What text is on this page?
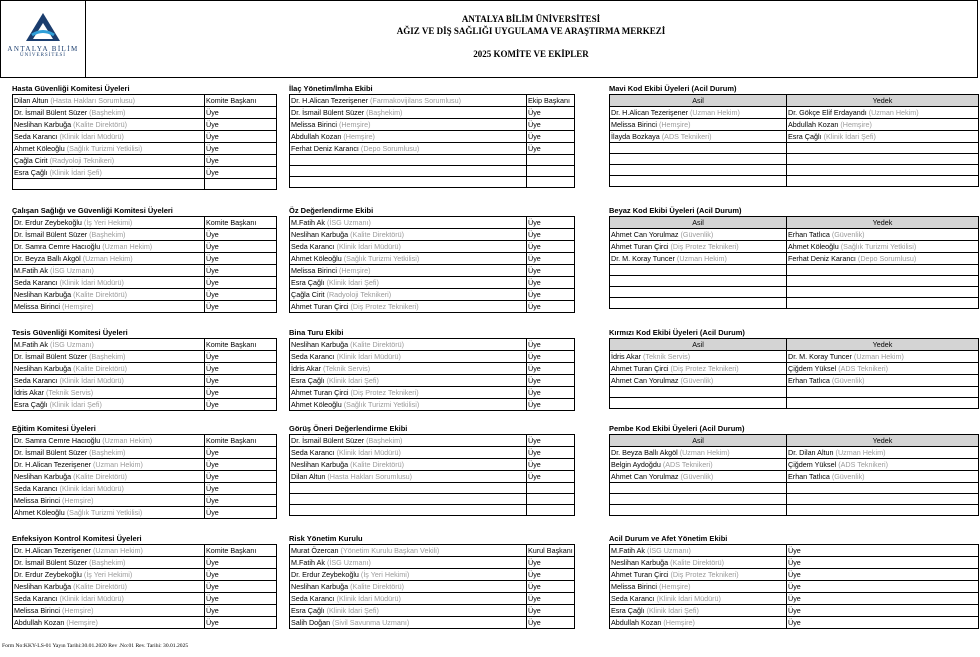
ANTALYA BİLİM
ÜNİVERSİTESİ
ANTALYA BİLİM ÜNİVERSİTESİ
AĞIZ VE DİŞ SAĞLIĞI UYGULAMA VE ARAŞTIRMA MERKEZİ
2025 KOMİTE VE EKİPLER
Hasta Güvenliği Komitesi Üyeleri
Dilan Altun (Hasta Hakları Sorumlusu)	Komite Başkanı
Dr. İsmail Bülent Süzer (Başhekim)	Üye
Neslihan Karbuğa (Kalite Direktörü)	Üye
Seda Karancı (Klinik İdari Müdürü)	Üye
Ahmet Köleoğlu (Sağlık Turizmi Yetkilisi)	Üye
Çağla Cirit (Radyoloji Teknikeri)	Üye
Esra Çağlı (Klinik İdari Şefi)	Üye

Çalışan Sağlığı ve Güvenliği Komitesi Üyeleri
Dr. Erdur Zeybekoğlu (İş Yeri Hekimi)	Komite Başkanı
Dr. İsmail Bülent Süzer (Başhekim)	Üye
Dr. Samra Cemre Hacıoğlu (Uzman Hekim)	Üye
Dr. Beyza Ballı Akgöl (Uzman Hekim)	Üye
M.Fatih Ak (İSG Uzmanı)	Üye
Seda Karancı (Klinik İdari Müdürü)	Üye
Neslihan Karbuğa (Kalite Direktörü)	Üye
Melissa Birinci (Hemşire)	Üye
Tesis Güvenliği Komitesi Üyeleri
M.Fatih Ak (İSG Uzmanı)	Komite Başkanı
Dr. İsmail Bülent Süzer (Başhekim)	Üye
Neslihan Karbuğa (Kalite Direktörü)	Üye
Seda Karancı (Klinik İdari Müdürü)	Üye
İdris Akar (Teknik Servis)	Üye
Esra Çağlı (Klinik İdari Şefi)	Üye
Eğitim Komitesi Üyeleri
Dr. Samra Cemre Hacıoğlu (Uzman Hekim)	Komite Başkanı
Dr. İsmail Bülent Süzer (Başhekim)	Üye
Dr. H.Alican Tezerişener (Uzman Hekim)	Üye
Neslihan Karbuğa (Kalite Direktörü)	Üye
Seda Karancı (Klinik İdari Müdürü)	Üye
Melissa Birinci (Hemşire)	Üye
Ahmet Köleoğlu (Sağlık Turizmi Yetkilisi)	Üye
Enfeksiyon Kontrol Komitesi Üyeleri
Dr. H.Alican Tezerişener (Uzman Hekim)	Komite Başkanı
Dr. İsmail Bülent Süzer (Başhekim)	Üye
Dr. Erdur Zeybekoğlu (İş Yeri Hekimi)	Üye
Neslihan Karbuğa (Kalite Direktörü)	Üye
Seda Karancı (Klinik İdari Müdürü)	Üye
Melissa Birinci (Hemşire)	Üye
Abdullah Kozan (Hemşire)	Üye
İlaç Yönetim/İmha Ekibi
Dr. H.Alican Tezerişener (Farmakovijilans Sorumlusu)	Ekip Başkanı
Dr. İsmail Bülent Süzer (Başhekim)	Üye
Melissa Birinci (Hemşire)	Üye
Abdullah Kozan (Hemşire)	Üye
Ferhat Deniz Karancı (Depo Sorumlusu)	Üye

Öz Değerlendirme Ekibi
M.Fatih Ak (İSG Uzmanı)	Üye
Neslihan Karbuğa (Kalite Direktörü)	Üye
Seda Karancı (Klinik İdari Müdürü)	Üye
Ahmet Köleoğlu (Sağlık Turizmi Yetkilisi)	Üye
Melissa Birinci (Hemşire)	Üye
Esra Çağlı (Klinik İdari Şefi)	Üye
Çağla Cirit (Radyoloji Teknikeri)	Üye
Ahmet Turan Çirci (Diş Protez Teknikeri)	Üye
Bina Turu Ekibi
Neslihan Karbuğa (Kalite Direktörü)	Üye
Seda Karancı (Klinik İdari Müdürü)	Üye
İdris Akar (Teknik Servis)	Üye
Esra Çağlı (Klinik İdari Şefi)	Üye
Ahmet Turan Çirci (Diş Protez Teknikeri)	Üye
Ahmet Köleoğlu (Sağlık Turizmi Yetkilisi)	Üye
Görüş Öneri Değerlendirme Ekibi
Dr. İsmail Bülent Süzer (Başhekim)	Üye
Seda Karancı (Klinik İdari Müdürü)	Üye
Neslihan Karbuğa (Kalite Direktörü)	Üye
Dilan Altun (Hasta Hakları Sorumlusu)	Üye

Risk Yönetim Kurulu
Murat Özercan (Yönetim Kurulu Başkan Vekili)	Kurul Başkanı
M.Fatih Ak (İSG Uzmanı)	Üye
Dr. Erdur Zeybekoğlu (İş Yeri Hekimi)	Üye
Neslihan Karbuğa (Kalite Direktörü)	Üye
Seda Karancı (Klinik İdari Müdürü)	Üye
Esra Çağlı (Klinik İdari Şefi)	Üye
Salih Doğan (Sivil Savunma Uzmanı)	Üye
Mavi Kod Ekibi Üyeleri (Acil Durum)
Asil	Yedek
Dr. H.Alican Tezerişener (Uzman Hekim)	Dr. Gökçe Elif Erdayandı (Uzman Hekim)
Melissa Birinci (Hemşire)	Abdullah Kozan (Hemşire)
İlayda Bozkaya (ADS Teknikeri)	Esra Çağlı (Klinik İdari Şefi)

Beyaz Kod Ekibi Üyeleri (Acil Durum)
Asil	Yedek
Ahmet Can Yorulmaz (Güvenlik)	Erhan Tatlıca (Güvenlik)
Ahmet Turan Çirci (Diş Protez Teknikeri)	Ahmet Köleoğlu (Sağlık Turizmi Yetkilisi)
Dr. M. Koray Tuncer (Uzman Hekim)	Ferhat Deniz Karancı (Depo Sorumlusu)

Kırmızı Kod Ekibi Üyeleri (Acil Durum)
Asil	Yedek
İdris Akar (Teknik Servis)	Dr. M. Koray Tuncer (Uzman Hekim)
Ahmet Turan Çirci (Diş Protez Teknikeri)	Çiğdem Yüksel (ADS Teknikeri)
Ahmet Can Yorulmaz (Güvenlik)	Erhan Tatlıca (Güvenlik)

Pembe Kod Ekibi Üyeleri (Acil Durum)
Asil	Yedek
Dr. Beyza Ballı Akgöl (Uzman Hekim)	Dr. Dilan Altun (Uzman Hekim)
Belgin Aydoğdu (ADS Teknikeri)	Çiğdem Yüksel (ADS Teknikeri)
Ahmet Can Yorulmaz (Güvenlik)	Erhan Tatlıca (Güvenlik)

Acil Durum ve Afet Yönetim Ekibi
M.Fatih Ak (İSG Uzmanı)	Üye
Neslihan Karbuğa (Kalite Direktörü)	Üye
Ahmet Turan Çirci (Diş Protez Teknikeri)	Üye
Melissa Birinci (Hemşire)	Üye
Seda Karancı (Klinik İdari Müdürü)	Üye
Esra Çağlı (Klinik İdari Şefi)	Üye
Abdullah Kozan (Hemşire)	Üye
Form No:KKY-LS-01 Yayın Tarihi:30.01.2020 Rev .No:01 Rev. Tarihi: 30.01.2025
